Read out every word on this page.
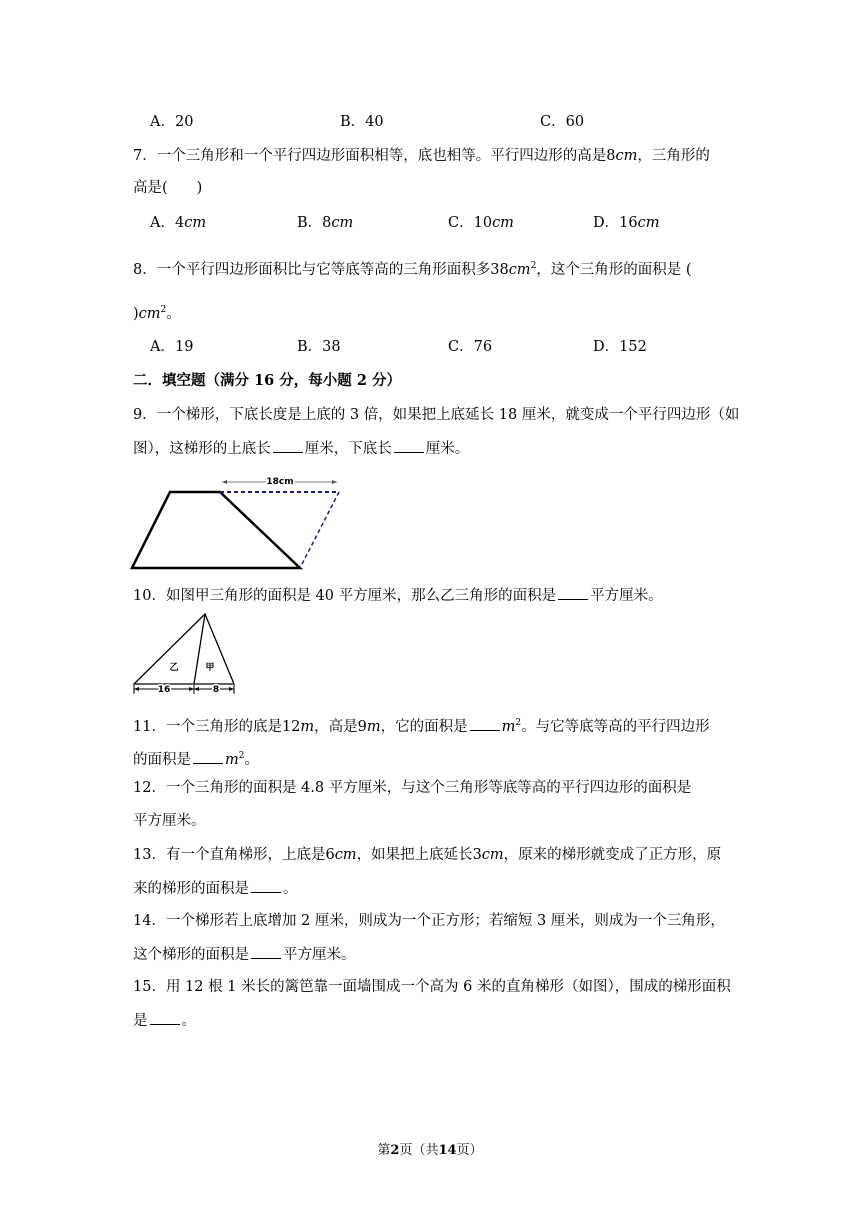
A．20	B．40	C．60
7．一个三角形和一个平行四边形面积相等，底也相等。平行四边形的高是8cm，三角形的
高是(　　)
A．4cm	B．8cm	C．10cm	D．16cm
8．一个平行四边形面积比与它等底等高的三角形面积多$38cm^2$，这个三角形的面积是 (
)$cm^2$。
A．19	B．38	C．76	D．152
二．填空题（满分 16 分，每小题 2 分）
9．一个梯形，下底长度是上底的 3 倍，如果把上底延长 18 厘米，就变成一个平行四边形（如
图），这梯形的上底长 厘米，下底长 厘米。
18cm
10．如图甲三角形的面积是 40 平方厘米，那么乙三角形的面积是 平方厘米。
乙	甲
16	8
11．一个三角形的底是12m，高是9m，它的面积是 $m^2$。与它等底等高的平行四边形
的面积是 $m^2$。
12．一个三角形的面积是 4.8 平方厘米，与这个三角形等底等高的平行四边形的面积是
平方厘米。
13．有一个直角梯形，上底是6cm，如果把上底延长3cm，原来的梯形就变成了正方形，原
来的梯形的面积是 。
14．一个梯形若上底增加 2 厘米，则成为一个正方形；若缩短 3 厘米，则成为一个三角形，
这个梯形的面积是 平方厘米。
15．用 12 根 1 米长的篱笆靠一面墙围成一个高为 6 米的直角梯形（如图），围成的梯形面积
是 。
第2页（共14页）
